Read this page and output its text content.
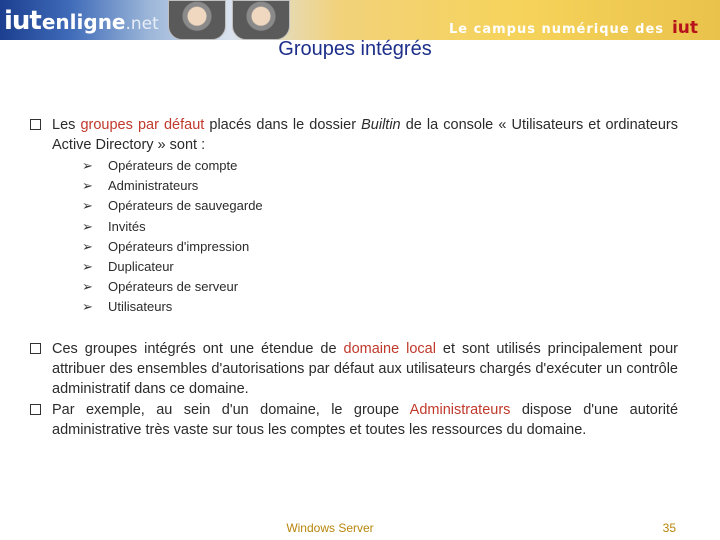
iut enligne .net	Le campus numérique des iut
Groupes intégrés
Les groupes par défaut placés dans le dossier Builtin de la console « Utilisateurs et ordinateurs Active Directory » sont :
➢ Opérateurs de compte
➢ Administrateurs
➢ Opérateurs de sauvegarde
➢ Invités
➢ Opérateurs d'impression
➢ Duplicateur
➢ Opérateurs de serveur
➢ Utilisateurs
Ces groupes intégrés ont une étendue de domaine local et sont utilisés principalement pour attribuer des ensembles d'autorisations par défaut aux utilisateurs chargés d'exécuter un contrôle administratif dans ce domaine.
Par exemple, au sein d'un domaine, le groupe Administrateurs dispose d'une autorité administrative très vaste sur tous les comptes et toutes les ressources du domaine.
Windows Server	35
